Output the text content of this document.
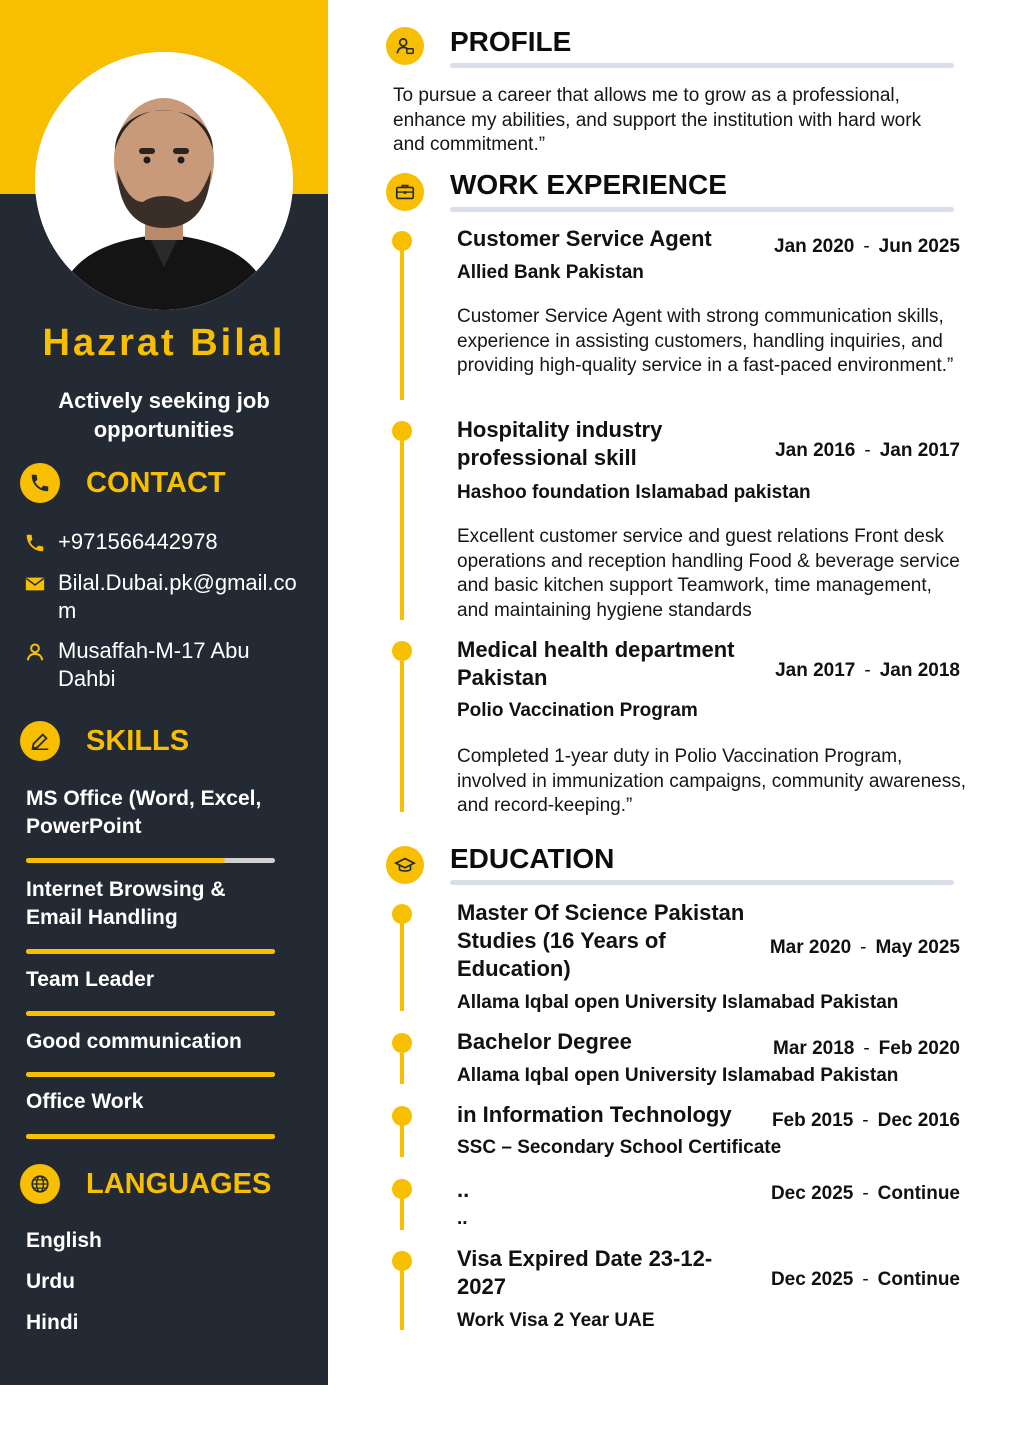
Hazrat Bilal
Actively seeking job opportunities
CONTACT
+971566442978
Bilal.Dubai.pk@gmail.com
Musaffah-M-17 Abu Dahbi
SKILLS
MS Office (Word, Excel, PowerPoint
Internet Browsing & Email Handling
Team Leader
Good communication
Office Work
LANGUAGES
English
Urdu
Hindi
PROFILE
To pursue a career that allows me to grow as a professional, enhance my abilities, and support the institution with hard work and commitment.”
WORK EXPERIENCE
Customer Service Agent	Jan 2020 - Jun 2025
Allied Bank Pakistan
Customer Service Agent with strong communication skills, experience in assisting customers, handling inquiries, and providing high-quality service in a fast-paced environment.”
Hospitality industry professional skill	Jan 2016 - Jan 2017
Hashoo foundation Islamabad pakistan
Excellent customer service and guest relations Front desk operations and reception handling Food & beverage service and basic kitchen support Teamwork, time management, and maintaining hygiene standards
Medical health department Pakistan	Jan 2017 - Jan 2018
Polio Vaccination Program
Completed 1-year duty in Polio Vaccination Program, involved in immunization campaigns, community awareness, and record-keeping.”
EDUCATION
Master Of Science Pakistan Studies (16 Years of Education)
Mar 2020 - May 2025
Allama Iqbal open University Islamabad Pakistan
Bachelor Degree	Mar 2018 - Feb 2020
Allama Iqbal open University Islamabad Pakistan
in Information Technology	Feb 2015 - Dec 2016
SSC – Secondary School Certificate
..	Dec 2025 - Continue
..
Visa Expired Date 23-12-2027	Dec 2025 - Continue
Work Visa 2 Year UAE
